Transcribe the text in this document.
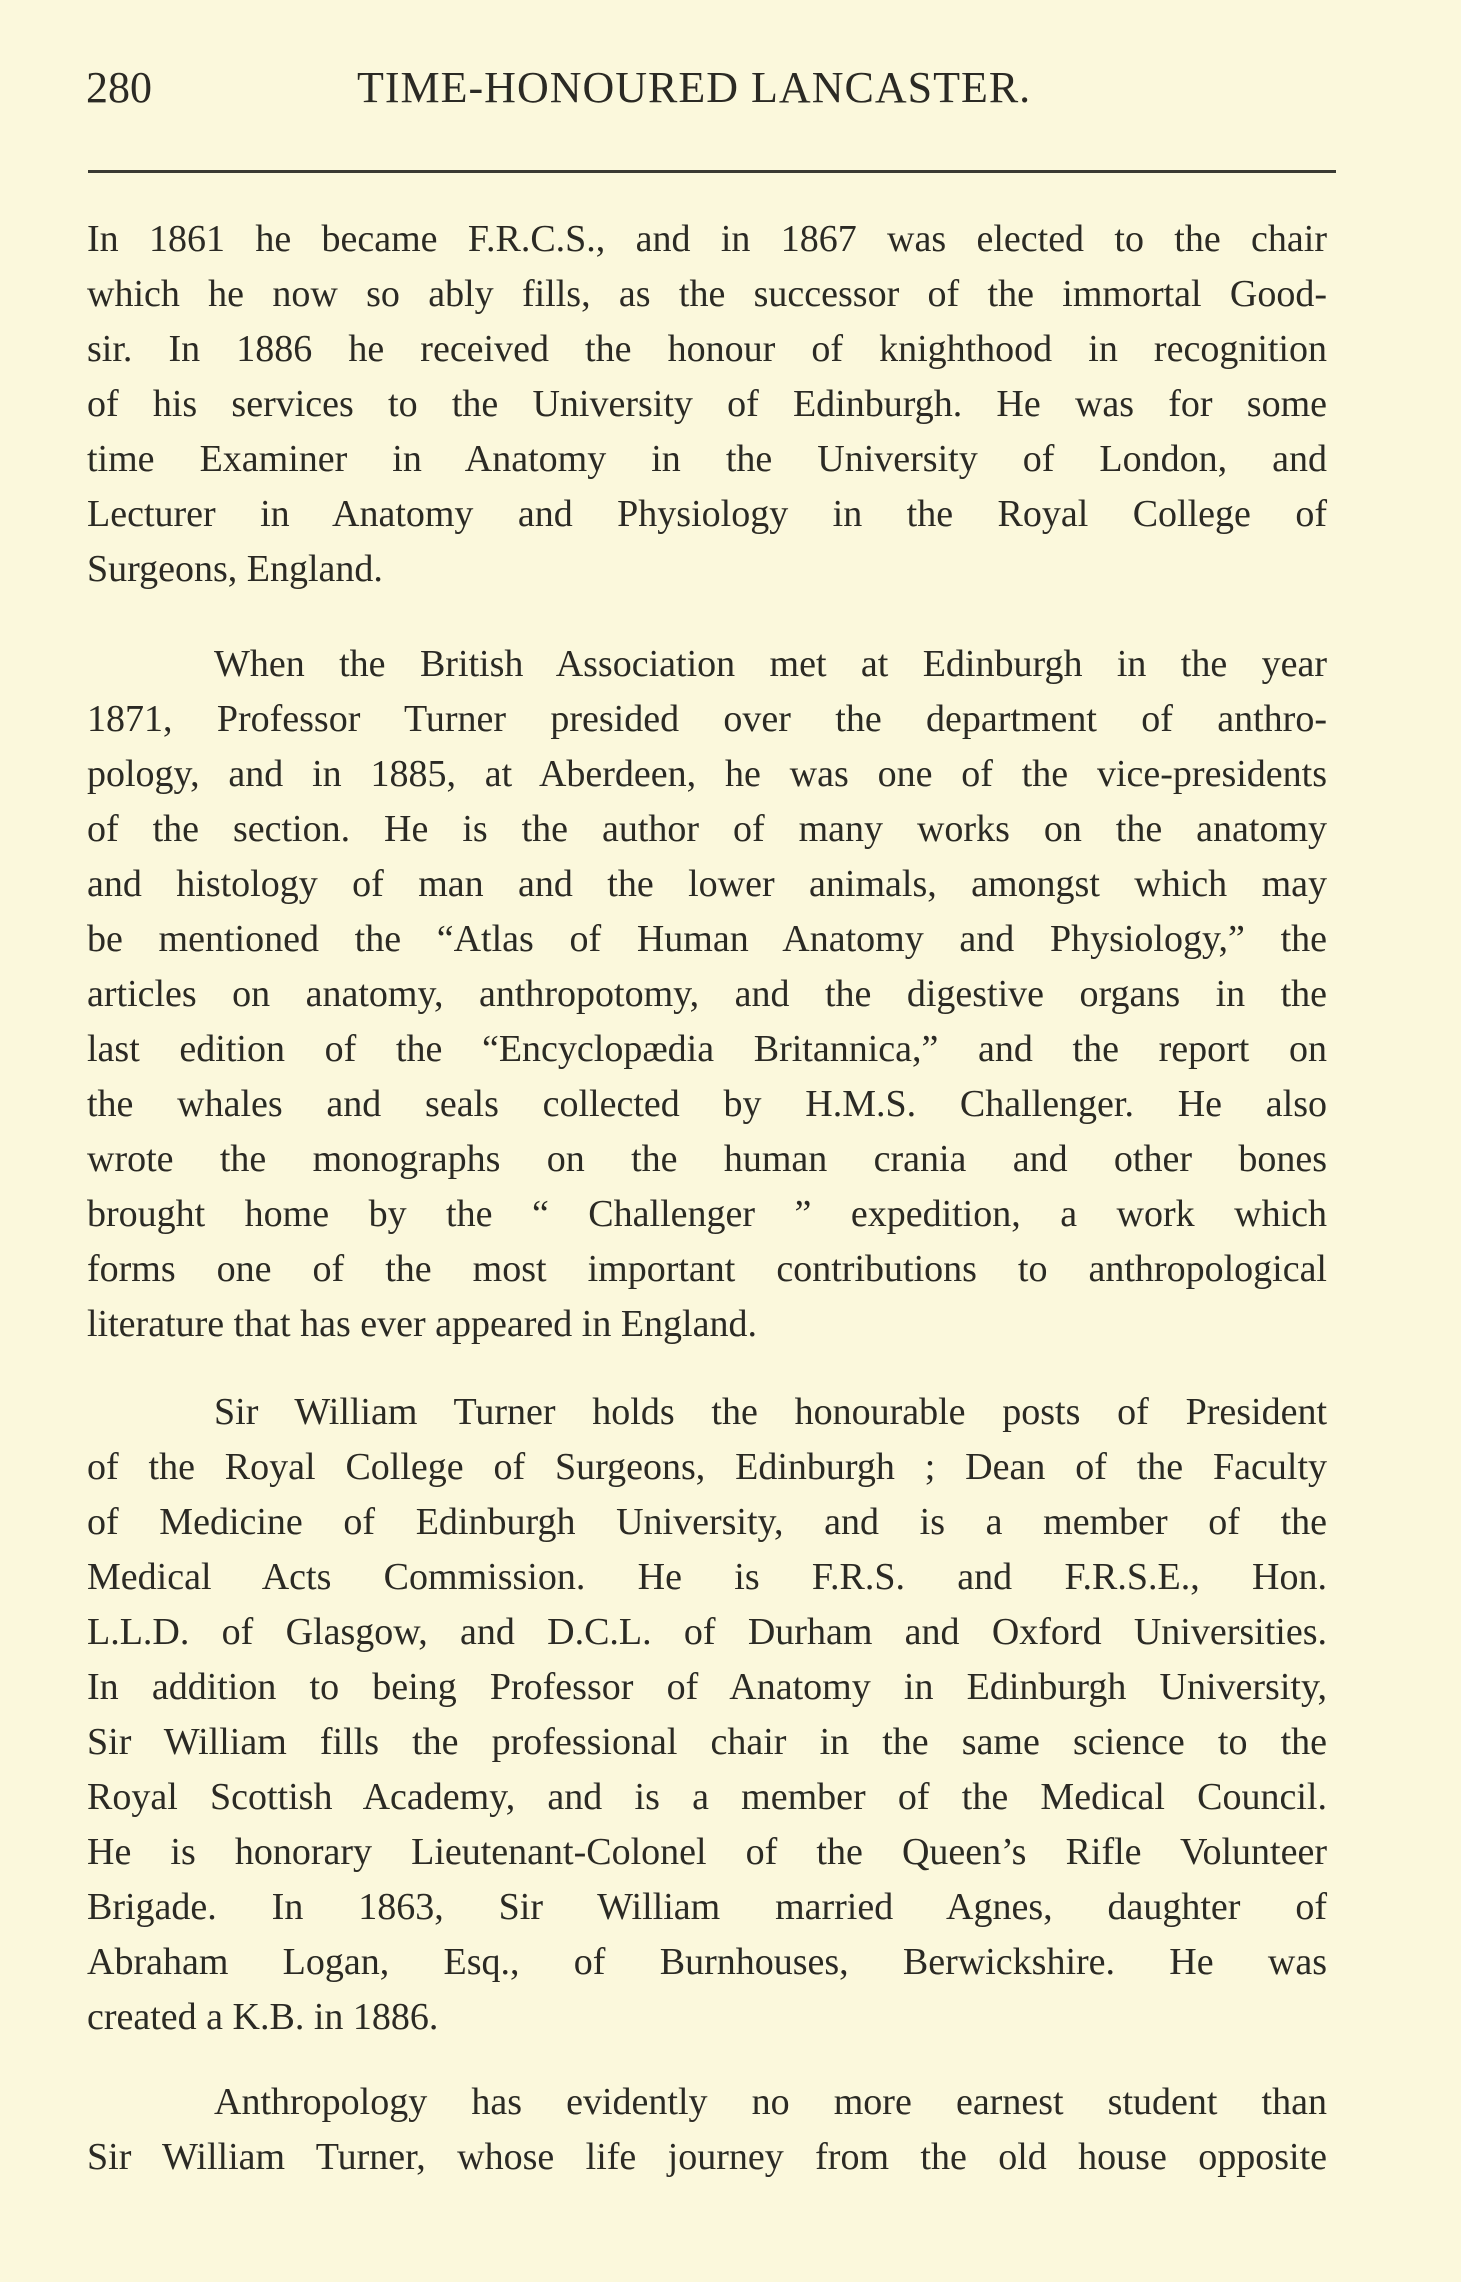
280	TIME-HONOURED LANCASTER.
In 1861 he became F.R.C.S., and in 1867 was elected to the chair
which he now so ably fills, as the successor of the immortal Good-
sir. In 1886 he received the honour of knighthood in recognition
of his services to the University of Edinburgh. He was for some
time Examiner in Anatomy in the University of London, and
Lecturer in Anatomy and Physiology in the Royal College of
Surgeons, England.
When the British Association met at Edinburgh in the year
1871, Professor Turner presided over the department of anthro-
pology, and in 1885, at Aberdeen, he was one of the vice-presidents
of the section. He is the author of many works on the anatomy
and histology of man and the lower animals, amongst which may
be mentioned the “Atlas of Human Anatomy and Physiology,” the
articles on anatomy, anthropotomy, and the digestive organs in the
last edition of the “Encyclopædia Britannica,” and the report on
the whales and seals collected by H.M.S. Challenger. He also
wrote the monographs on the human crania and other bones
brought home by the “ Challenger ” expedition, a work which
forms one of the most important contributions to anthropological
literature that has ever appeared in England.
Sir William Turner holds the honourable posts of President
of the Royal College of Surgeons, Edinburgh ; Dean of the Faculty
of Medicine of Edinburgh University, and is a member of the
Medical Acts Commission. He is F.R.S. and F.R.S.E., Hon.
L.L.D. of Glasgow, and D.C.L. of Durham and Oxford Universities.
In addition to being Professor of Anatomy in Edinburgh University,
Sir William fills the professional chair in the same science to the
Royal Scottish Academy, and is a member of the Medical Council.
He is honorary Lieutenant-Colonel of the Queen’s Rifle Volunteer
Brigade. In 1863, Sir William married Agnes, daughter of
Abraham Logan, Esq., of Burnhouses, Berwickshire. He was
created a K.B. in 1886.
Anthropology has evidently no more earnest student than
Sir William Turner, whose life journey from the old house opposite
